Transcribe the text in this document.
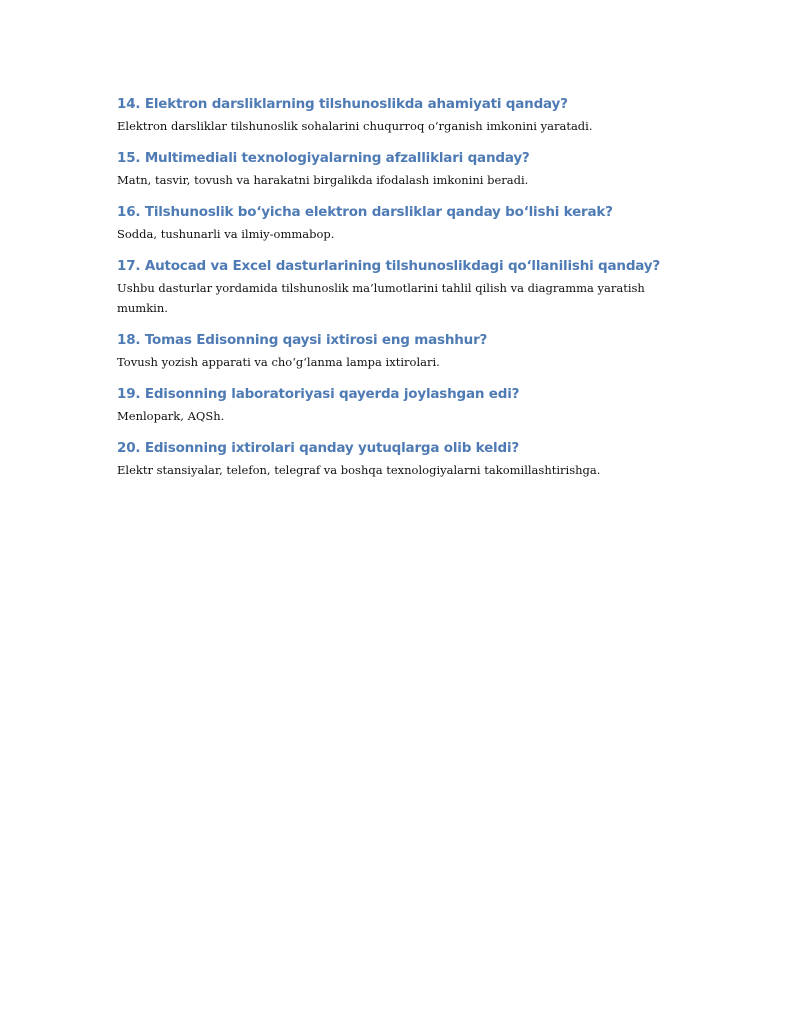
14. Elektron darsliklarning tilshunoslikda ahamiyati qanday?

Elektron darsliklar tilshunoslik sohalarini chuqurroq o‘rganish imkonini yaratadi.

15. Multimediali texnologiyalarning afzalliklari qanday?

Matn, tasvir, tovush va harakatni birgalikda ifodalash imkonini beradi.

16. Tilshunoslik bo‘yicha elektron darsliklar qanday bo‘lishi kerak?

Sodda, tushunarli va ilmiy-ommabop.

17. Autocad va Excel dasturlarining tilshunoslikdagi qo‘llanilishi qanday?

Ushbu dasturlar yordamida tilshunoslik ma’lumotlarini tahlil qilish va diagramma yaratish mumkin.

18. Tomas Edisonning qaysi ixtirosi eng mashhur?

Tovush yozish apparati va cho‘g‘lanma lampa ixtirolari.

19. Edisonning laboratoriyasi qayerda joylashgan edi?

Menlopark, AQSh.

20. Edisonning ixtirolari qanday yutuqlarga olib keldi?

Elektr stansiyalar, telefon, telegraf va boshqa texnologiyalarni takomillashtirishga.
